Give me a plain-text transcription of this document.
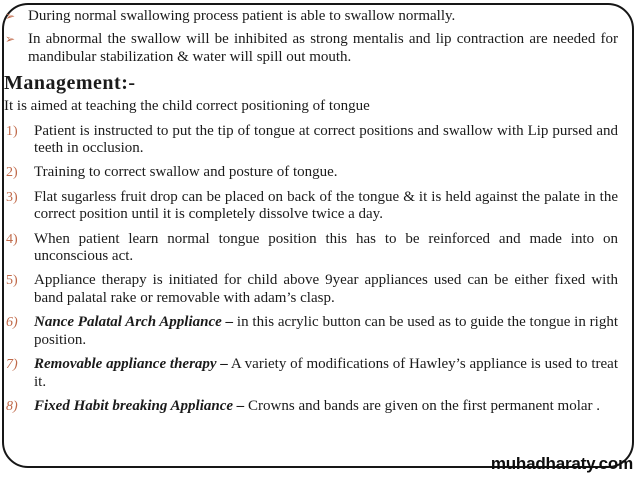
➢ During normal swallowing process patient is able to swallow normally.
➢ In abnormal the swallow will be inhibited as strong mentalis and lip contraction are needed for mandibular stabilization & water will spill out mouth.
Management:-
It is aimed at teaching the child correct positioning of tongue
1)	Patient is instructed to put the tip of tongue at correct positions and swallow with Lip pursed and teeth in occlusion.
2)	Training to correct swallow and posture of tongue.
3)	Flat sugarless fruit drop can be placed on back of the tongue & it is held against the palate in the correct position until it is completely dissolve twice a day.
4)	When patient learn normal tongue position this has to be reinforced and made into on unconscious act.
5)	Appliance therapy is initiated for child above 9year appliances used can be either fixed with band palatal rake or removable with adam’s clasp.
6)	Nance Palatal Arch Appliance – in this acrylic button can be used as to guide the tongue in right position.
7)	Removable appliance therapy – A variety of modifications of Hawley’s appliance is used to treat it.
8)	Fixed Habit breaking Appliance – Crowns and bands are given on the first permanent molar .
muhadharaty.com
